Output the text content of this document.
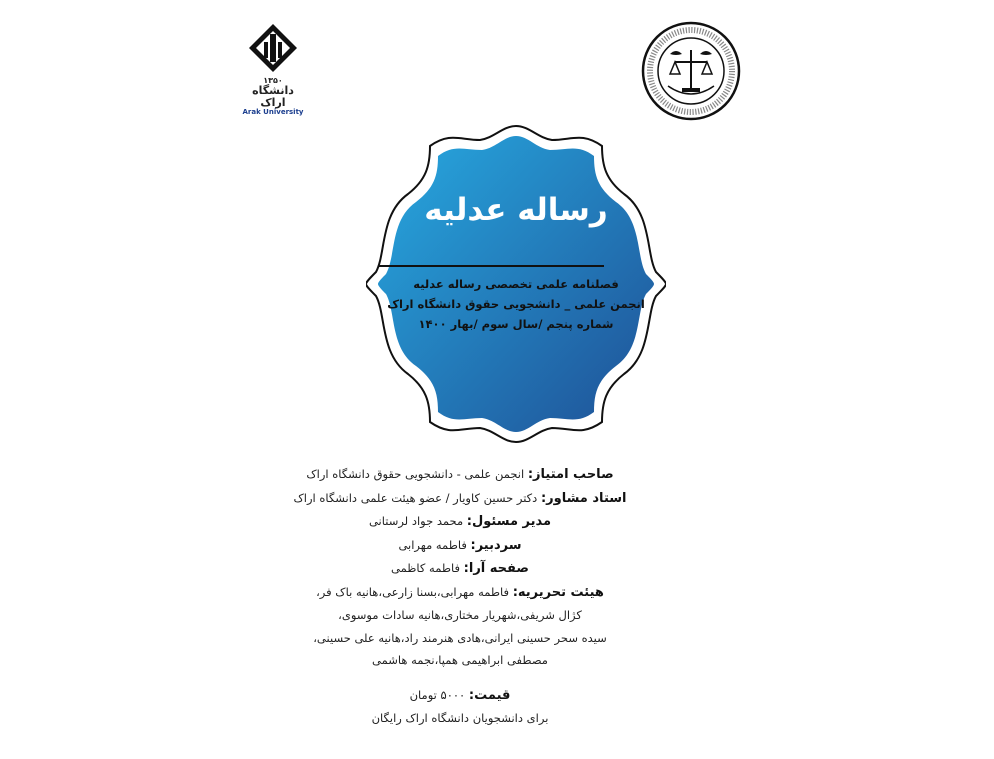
۱۳۵۰
دانشگاه اراک
Arak University
رساله عدلیه
فصلنامه علمی تخصصی رساله عدلیه
انجمن علمی _ دانشجویی حقوق دانشگاه اراک
شماره پنجم /سال سوم /بهار ۱۴۰۰
صاحب امتیاز: انجمن علمی - دانشجویی حقوق دانشگاه اراک
استاد مشاور: دکتر حسین کاویار / عضو هیئت علمی دانشگاه اراک
مدیر مسئول: محمد جواد لرستانی
سردبیر: فاطمه مهرابی
صفحه آرا: فاطمه کاظمی
هیئت تحریریه: فاطمه مهرابی،بسنا زارعی،هانیه باک فر،
کژال شریفی،شهریار مختاری،هانیه سادات موسوی،
سیده سحر حسینی ایرانی،هادی هنرمند راد،هانیه علی حسینی،
مصطفی ابراهیمی همپا،نجمه هاشمی
قیمت: ۵۰۰۰ تومان
برای دانشجویان دانشگاه اراک رایگان
